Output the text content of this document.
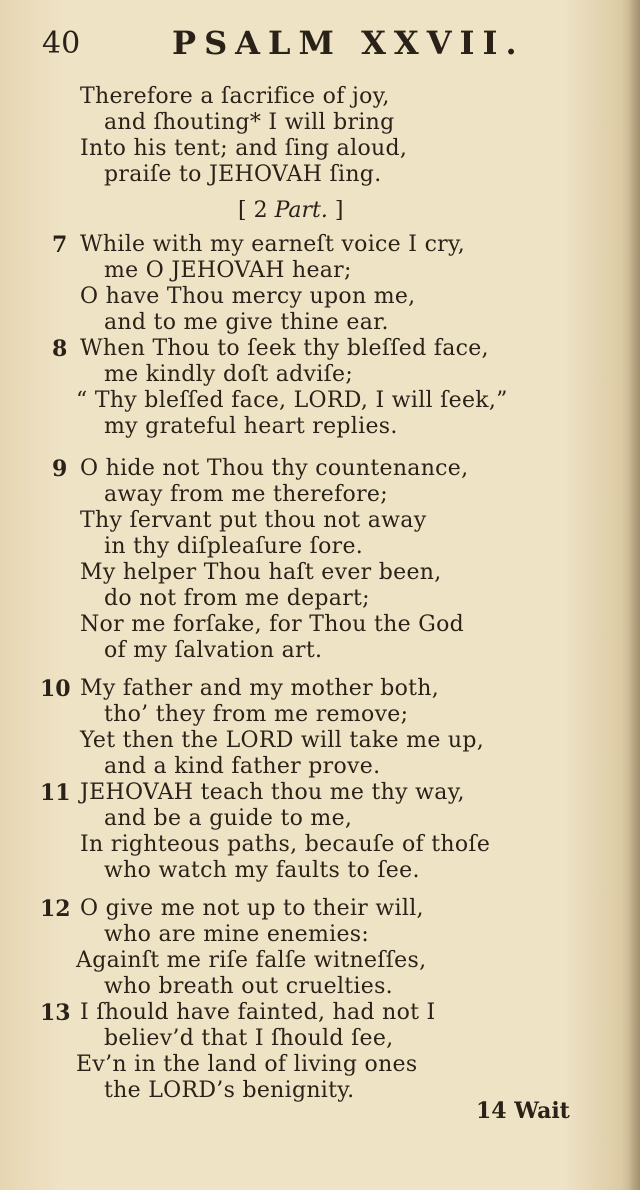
40	PSALM XXVII.
Therefore a ſacrifice of joy,
and ſhouting* I will bring
Into his tent; and ſing aloud,
praiſe to JEHOVAH ſing.
[ 2 Part. ]
7 While with my earneſt voice I cry,
me O JEHOVAH hear;
O have Thou mercy upon me,
and to me give thine ear.
8 When Thou to ſeek thy bleſſed face,
me kindly doſt adviſe;
“ Thy bleſſed face, LORD, I will ſeek,”
my grateful heart replies.
9 O hide not Thou thy countenance,
away from me therefore;
Thy ſervant put thou not away
in thy diſpleaſure ſore.
My helper Thou haſt ever been,
do not from me depart;
Nor me forſake, for Thou the God
of my ſalvation art.
10 My father and my mother both,
tho’ they from me remove;
Yet then the LORD will take me up,
and a kind father prove.
11 JEHOVAH teach thou me thy way,
and be a guide to me,
In righteous paths, becauſe of thoſe
who watch my faults to ſee.
12 O give me not up to their will,
who are mine enemies:
Againſt me riſe falſe witneſſes,
who breath out cruelties.
13 I ſhould have fainted, had not I
believ’d that I ſhould ſee,
Ev’n in the land of living ones
the LORD’s benignity.
14 Wait
